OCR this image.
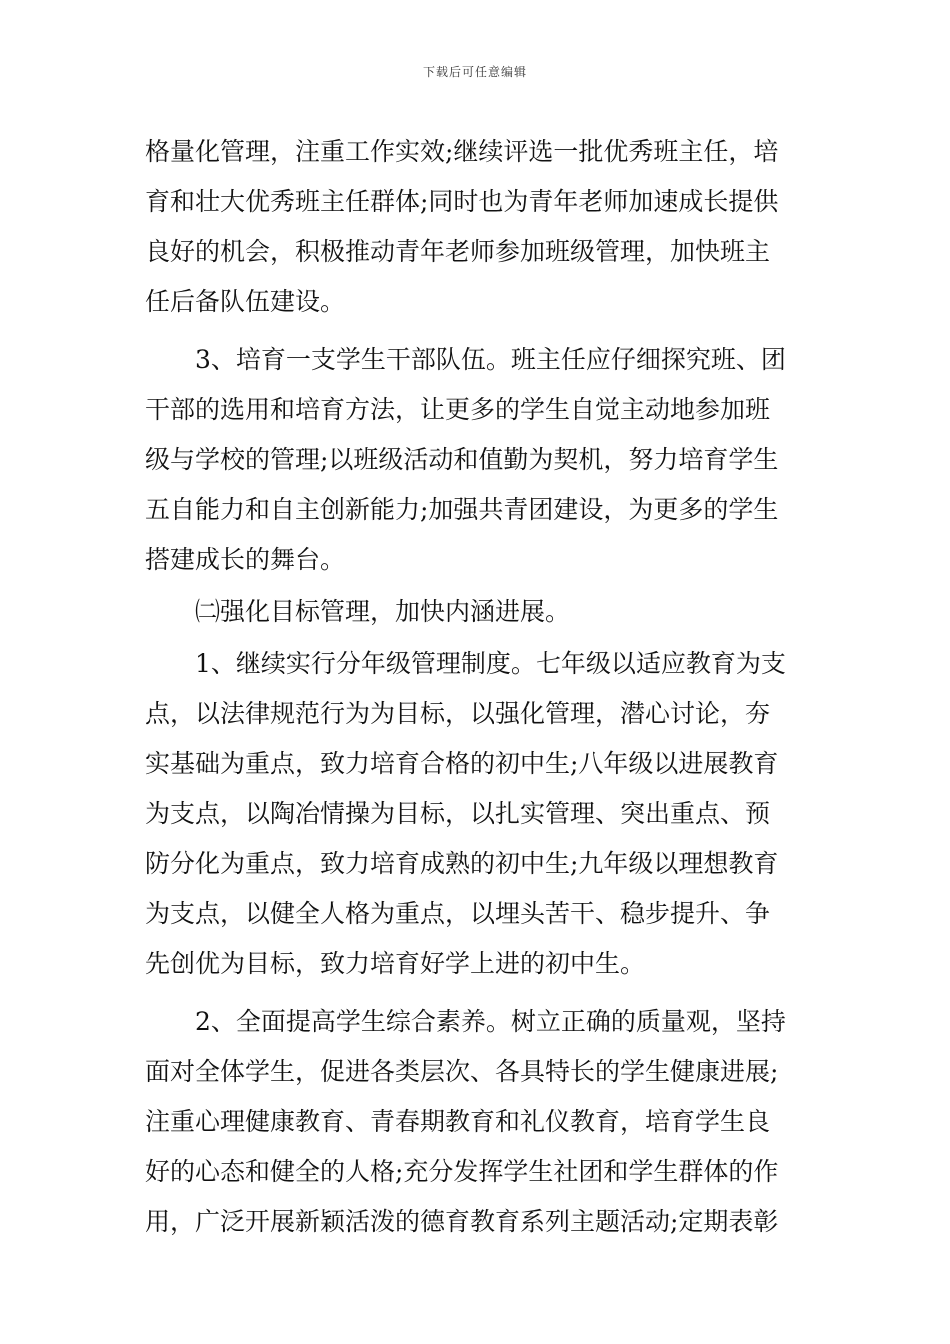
下载后可任意编辑
格量化管理，注重工作实效;继续评选一批优秀班主任，培
育和壮大优秀班主任群体;同时也为青年老师加速成长提供
良好的机会，积极推动青年老师参加班级管理，加快班主
任后备队伍建设。
3、培育一支学生干部队伍。班主任应仔细探究班、团
干部的选用和培育方法，让更多的学生自觉主动地参加班
级与学校的管理;以班级活动和值勤为契机，努力培育学生
五自能力和自主创新能力;加强共青团建设，为更多的学生
搭建成长的舞台。
㈡强化目标管理，加快内涵进展。
1、继续实行分年级管理制度。七年级以适应教育为支
点，以法律规范行为为目标，以强化管理，潜心讨论，夯
实基础为重点，致力培育合格的初中生;八年级以进展教育
为支点，以陶冶情操为目标，以扎实管理、突出重点、预
防分化为重点，致力培育成熟的初中生;九年级以理想教育
为支点，以健全人格为重点，以埋头苦干、稳步提升、争
先创优为目标，致力培育好学上进的初中生。
2、全面提高学生综合素养。树立正确的质量观，坚持
面对全体学生，促进各类层次、各具特长的学生健康进展;
注重心理健康教育、青春期教育和礼仪教育，培育学生良
好的心态和健全的人格;充分发挥学生社团和学生群体的作
用，广泛开展新颖活泼的德育教育系列主题活动;定期表彰
